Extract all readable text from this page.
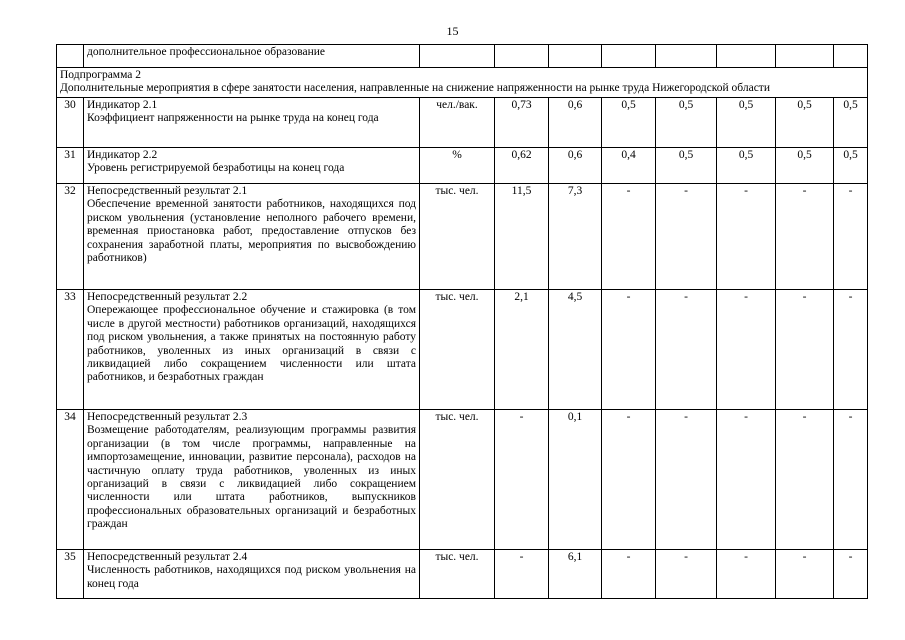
15
	дополнительное профессиональное образование								

Подпрограмма 2
Дополнительные мероприятия в сфере занятости населения, направленные на снижение напряженности на рынке труда Нижегородской области									

30	Индикатор 2.1
Коэффициент напряженности на рынке труда на конец года	чел./вак.	0,73	0,6	0,5	0,5	0,5	0,5	0,5
31	Индикатор 2.2
Уровень регистрируемой безработицы на конец года	%	0,62	0,6	0,4	0,5	0,5	0,5	0,5
32	Непосредственный результат 2.1
Обеспечение временной занятости работников, находящихся под риском увольнения (установление неполного рабочего времени, временная приостановка работ, предоставление отпусков без сохранения заработной платы, мероприятия по высвобождению работников)	тыс. чел.	11,5	7,3	-	-	-	-	-
33	Непосредственный результат 2.2
Опережающее профессиональное обучение и стажировка (в том числе в другой местности) работников организаций, находящихся под риском увольнения, а также принятых на постоянную работу работников, уволенных из иных организаций в связи с ликвидацией либо сокращением численности или штата работников, и безработных граждан	тыс. чел.	2,1	4,5	-	-	-	-	-
34	Непосредственный результат 2.3
Возмещение работодателям, реализующим программы развития организации (в том числе программы, направленные на импортозамещение, инновации, развитие персонала), расходов на частичную оплату труда работников, уволенных из иных организаций в связи с ликвидацией либо сокращением численности или штата работников, выпускников профессиональных образовательных организаций и безработных граждан	тыс. чел.	-	0,1	-	-	-	-	-
35	Непосредственный результат 2.4
Численность работников, находящихся под риском увольнения на конец года	тыс. чел.	-	6,1	-	-	-	-	-
